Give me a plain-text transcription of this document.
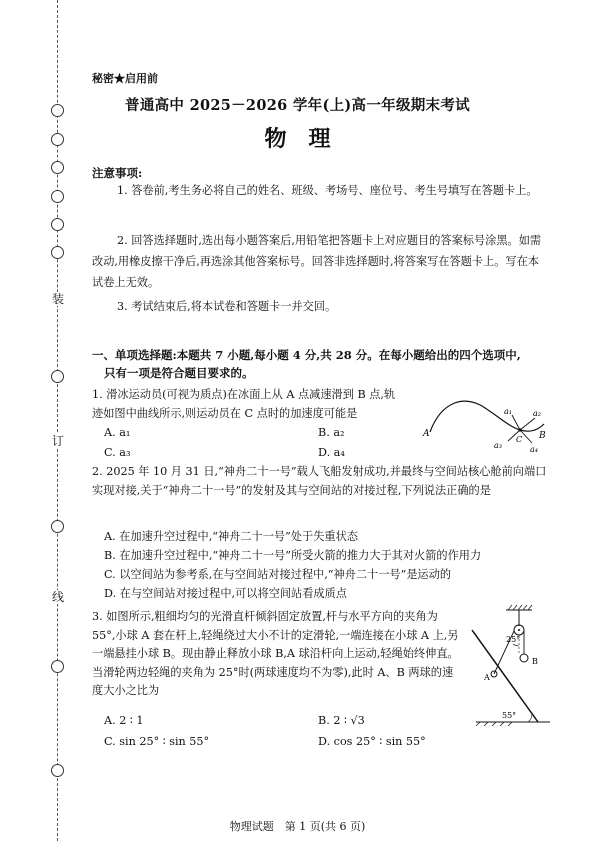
装
订
线
秘密★启用前
普通高中 2025－2026 学年(上)高一年级期末考试
物理
注意事项:
1. 答卷前,考生务必将自己的姓名、班级、考场号、座位号、考生号填写在答题卡上。
2. 回答选择题时,选出每小题答案后,用铅笔把答题卡上对应题目的答案标号涂黑。如需改动,用橡皮擦干净后,再选涂其他答案标号。回答非选择题时,将答案写在答题卡上。写在本试卷上无效。
3. 考试结束后,将本试卷和答题卡一并交回。
一、单项选择题:本题共 7 小题,每小题 4 分,共 28 分。在每小题给出的四个选项中,
只有一项是符合题目要求的。
1. 滑冰运动员(可视为质点)在冰面上从 A 点减速滑到 B 点,轨迹如图中曲线所示,则运动员在 C 点时的加速度可能是
A. a₁	B. a₂
C. a₃	D. a₄
A	B
C
a₁	a₂
a₃	a₄
2. 2025 年 10 月 31 日,“神舟二十一号”载人飞船发射成功,并最终与空间站核心舱前向端口实现对接,关于“神舟二十一号”的发射及其与空间站的对接过程,下列说法正确的是
A. 在加速升空过程中,“神舟二十一号”处于失重状态
B. 在加速升空过程中,“神舟二十一号”所受火箭的推力大于其对火箭的作用力
C. 以空间站为参考系,在与空间站对接过程中,“神舟二十一号”是运动的
D. 在与空间站对接过程中,可以将空间站看成质点
3. 如图所示,粗细均匀的光滑直杆倾斜固定放置,杆与水平方向的夹角为 55°,小球 A 套在杆上,轻绳绕过大小不计的定滑轮,一端连接在小球 A 上,另一端悬挂小球 B。现由静止释放小球 B,A 球沿杆向上运动,轻绳始终伸直。当滑轮两边轻绳的夹角为 25°时(两球速度均不为零),此时 A、B 两球的速度大小之比为
A. 2 ∶ 1	B. 2 ∶ √3
C. sin 25° ∶ sin 55°	D. cos 25° ∶ sin 55°
25°
55°
A
B
物理试题　第 1 页(共 6 页)
